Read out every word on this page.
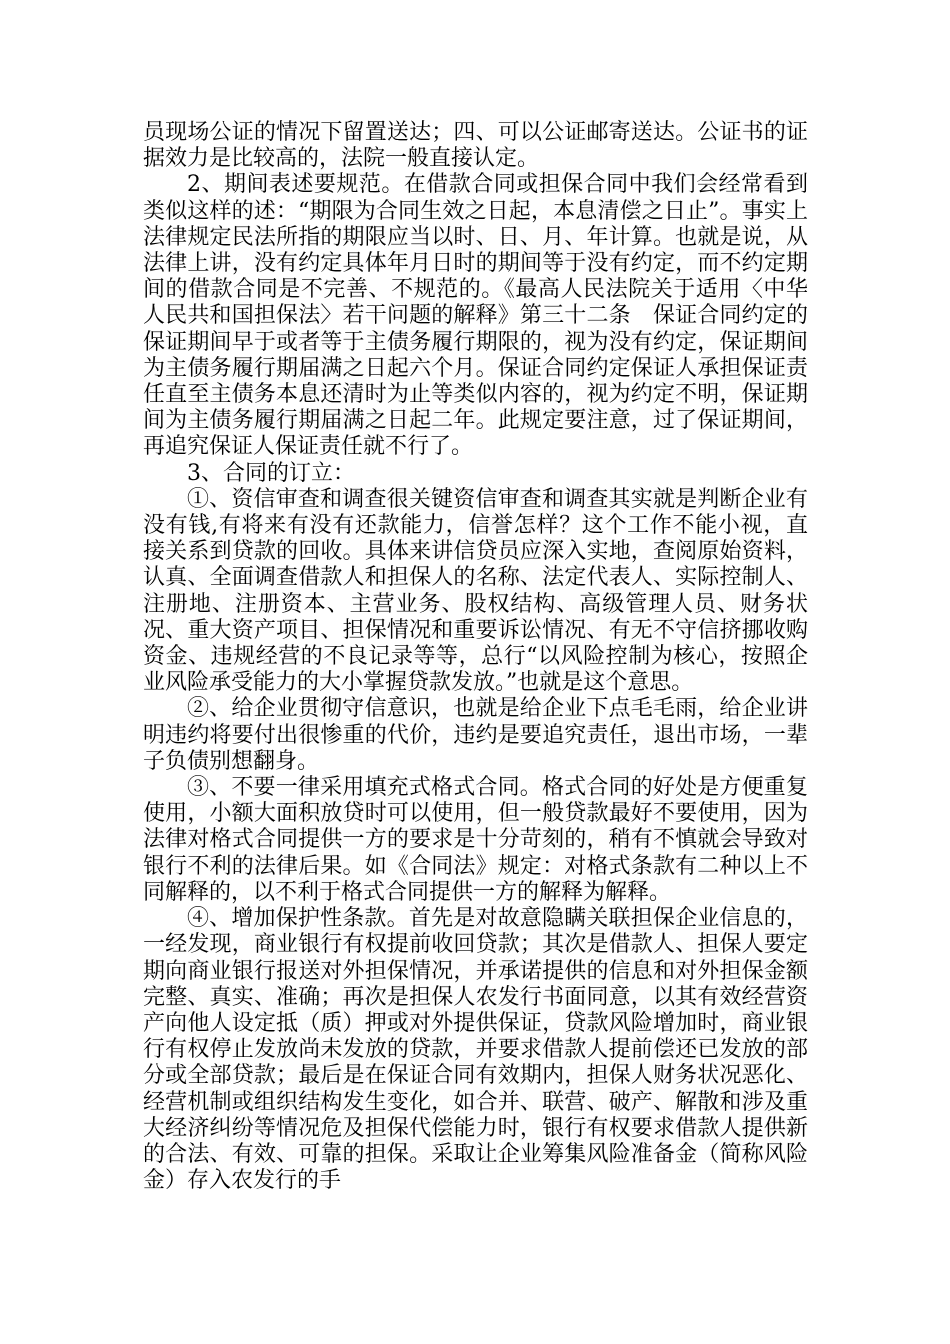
员现场公证的情况下留置送达；四、可以公证邮寄送达。公证书的证据效力是比较高的，法院一般直接认定。

2、期间表述要规范。在借款合同或担保合同中我们会经常看到类似这样的述：“期限为合同生效之日起，本息清偿之日止”。事实上法律规定民法所指的期限应当以时、日、月、年计算。也就是说，从法律上讲，没有约定具体年月日时的期间等于没有约定，而不约定期间的借款合同是不完善、不规范的。《最高人民法院关于适用〈中华人民共和国担保法〉若干问题的解释》第三十二条　保证合同约定的保证期间早于或者等于主债务履行期限的，视为没有约定，保证期间为主债务履行期届满之日起六个月。保证合同约定保证人承担保证责任直至主债务本息还清时为止等类似内容的，视为约定不明，保证期间为主债务履行期届满之日起二年。此规定要注意，过了保证期间，再追究保证人保证责任就不行了。

3、合同的订立：

①、资信审查和调查很关键资信审查和调查其实就是判断企业有没有钱,有将来有没有还款能力，信誉怎样？这个工作不能小视，直接关系到贷款的回收。具体来讲信贷员应深入实地，查阅原始资料，认真、全面调查借款人和担保人的名称、法定代表人、实际控制人、注册地、注册资本、主营业务、股权结构、高级管理人员、财务状况、重大资产项目、担保情况和重要诉讼情况、有无不守信挤挪收购资金、违规经营的不良记录等等，总行“以风险控制为核心，按照企业风险承受能力的大小掌握贷款发放。”也就是这个意思。

②、给企业贯彻守信意识，也就是给企业下点毛毛雨，给企业讲明违约将要付出很惨重的代价，违约是要追究责任，退出市场，一辈子负债别想翻身。

③、不要一律采用填充式格式合同。格式合同的好处是方便重复使用，小额大面积放贷时可以使用，但一般贷款最好不要使用，因为法律对格式合同提供一方的要求是十分苛刻的，稍有不慎就会导致对银行不利的法律后果。如《合同法》规定：对格式条款有二种以上不同解释的，以不利于格式合同提供一方的解释为解释。

④、增加保护性条款。首先是对故意隐瞒关联担保企业信息的，一经发现，商业银行有权提前收回贷款；其次是借款人、担保人要定期向商业银行报送对外担保情况，并承诺提供的信息和对外担保金额完整、真实、准确；再次是担保人农发行书面同意，以其有效经营资产向他人设定抵（质）押或对外提供保证，贷款风险增加时，商业银行有权停止发放尚未发放的贷款，并要求借款人提前偿还已发放的部分或全部贷款；最后是在保证合同有效期内，担保人财务状况恶化、经营机制或组织结构发生变化，如合并、联营、破产、解散和涉及重大经济纠纷等情况危及担保代偿能力时，银行有权要求借款人提供新的合法、有效、可靠的担保。采取让企业筹集风险准备金（简称风险金）存入农发行的手
